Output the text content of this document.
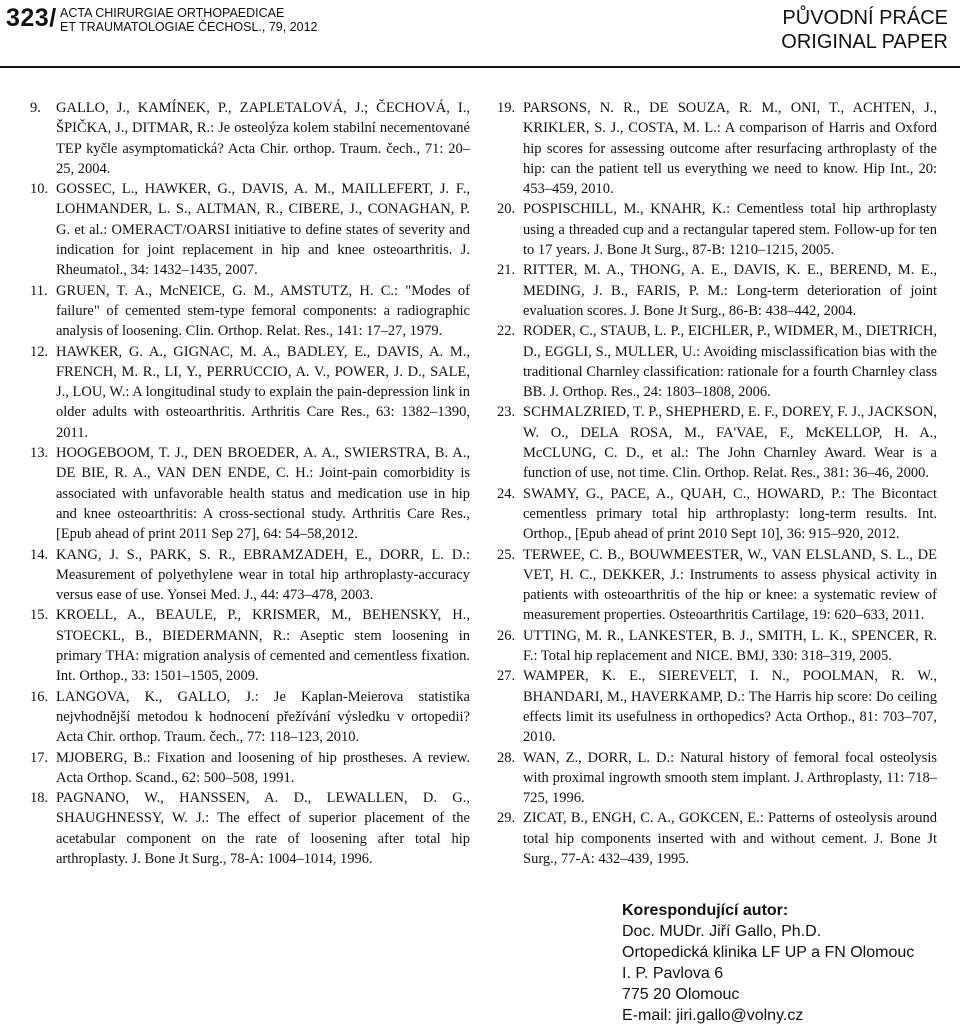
323/ ACTA CHIRURGIAE ORTHOPAEDICAE
ET TRAUMATOLOGIAE ČECHOSL., 79, 2012	PŮVODNÍ PRÁCE
ORIGINAL PAPER

9. GALLO, J., KAMÍNEK, P., ZAPLETALOVÁ, J.; ČECHOVÁ, I., ŠPIČKA, J., DITMAR, R.: Je osteolýza kolem stabilní necementované TEP kyčle asymptomatická? Acta Chir. orthop. Traum. čech., 71: 20–25, 2004.

10. GOSSEC, L., HAWKER, G., DAVIS, A. M., MAILLEFERT, J. F., LOHMANDER, L. S., ALTMAN, R., CIBERE, J., CONAGHAN, P. G. et al.: OMERACT/OARSI initiative to define states of severity and indication for joint replacement in hip and knee osteoarthritis. J. Rheumatol., 34: 1432–1435, 2007.

11. GRUEN, T. A., McNEICE, G. M., AMSTUTZ, H. C.: "Modes of failure" of cemented stem-type femoral components: a radiographic analysis of loosening. Clin. Orthop. Relat. Res., 141: 17–27, 1979.

12. HAWKER, G. A., GIGNAC, M. A., BADLEY, E., DAVIS, A. M., FRENCH, M. R., LI, Y., PERRUCCIO, A. V., POWER, J. D., SALE, J., LOU, W.: A longitudinal study to explain the pain-depression link in older adults with osteoarthritis. Arthritis Care Res., 63: 1382–1390, 2011.

13. HOOGEBOOM, T. J., DEN BROEDER, A. A., SWIERSTRA, B. A., DE BIE, R. A., VAN DEN ENDE, C. H.: Joint-pain comorbidity is associated with unfavorable health status and medication use in hip and knee osteoarthritis: A cross-sectional study. Arthritis Care Res., [Epub ahead of print 2011 Sep 27], 64: 54–58,2012.

14. KANG, J. S., PARK, S. R., EBRAMZADEH, E., DORR, L. D.: Measurement of polyethylene wear in total hip arthroplasty-accuracy versus ease of use. Yonsei Med. J., 44: 473–478, 2003.

15. KROELL, A., BEAULE, P., KRISMER, M., BEHENSKY, H., STOECKL, B., BIEDERMANN, R.: Aseptic stem loosening in primary THA: migration analysis of cemented and cementless fixation. Int. Orthop., 33: 1501–1505, 2009.

16. LANGOVA, K., GALLO, J.: Je Kaplan-Meierova statistika nejvhodnější metodou k hodnocení přežívání výsledku v ortopedii? Acta Chir. orthop. Traum. čech., 77: 118–123, 2010.

17. MJOBERG, B.: Fixation and loosening of hip prostheses. A review. Acta Orthop. Scand., 62: 500–508, 1991.

18. PAGNANO, W., HANSSEN, A. D., LEWALLEN, D. G., SHAUGHNESSY, W. J.: The effect of superior placement of the acetabular component on the rate of loosening after total hip arthroplasty. J. Bone Jt Surg., 78-A: 1004–1014, 1996.

19. PARSONS, N. R., DE SOUZA, R. M., ONI, T., ACHTEN, J., KRIKLER, S. J., COSTA, M. L.: A comparison of Harris and Oxford hip scores for assessing outcome after resurfacing arthroplasty of the hip: can the patient tell us everything we need to know. Hip Int., 20: 453–459, 2010.

20. POSPISCHILL, M., KNAHR, K.: Cementless total hip arthroplasty using a threaded cup and a rectangular tapered stem. Follow-up for ten to 17 years. J. Bone Jt Surg., 87-B: 1210–1215, 2005.

21. RITTER, M. A., THONG, A. E., DAVIS, K. E., BEREND, M. E., MEDING, J. B., FARIS, P. M.: Long-term deterioration of joint evaluation scores. J. Bone Jt Surg., 86-B: 438–442, 2004.

22. RODER, C., STAUB, L. P., EICHLER, P., WIDMER, M., DIETRICH, D., EGGLI, S., MULLER, U.: Avoiding misclassification bias with the traditional Charnley classification: rationale for a fourth Charnley class BB. J. Orthop. Res., 24: 1803–1808, 2006.

23. SCHMALZRIED, T. P., SHEPHERD, E. F., DOREY, F. J., JACKSON, W. O., DELA ROSA, M., FA'VAE, F., McKELLOP, H. A., McCLUNG, C. D., et al.: The John Charnley Award. Wear is a function of use, not time. Clin. Orthop. Relat. Res., 381: 36–46, 2000.

24. SWAMY, G., PACE, A., QUAH, C., HOWARD, P.: The Bicontact cementless primary total hip arthroplasty: long-term results. Int. Orthop., [Epub ahead of print 2010 Sept 10], 36: 915–920, 2012.

25. TERWEE, C. B., BOUWMEESTER, W., VAN ELSLAND, S. L., DE VET, H. C., DEKKER, J.: Instruments to assess physical activity in patients with osteoarthritis of the hip or knee: a systematic review of measurement properties. Osteoarthritis Cartilage, 19: 620–633, 2011.

26. UTTING, M. R., LANKESTER, B. J., SMITH, L. K., SPENCER, R. F.: Total hip replacement and NICE. BMJ, 330: 318–319, 2005.

27. WAMPER, K. E., SIEREVELT, I. N., POOLMAN, R. W., BHANDARI, M., HAVERKAMP, D.: The Harris hip score: Do ceiling effects limit its usefulness in orthopedics? Acta Orthop., 81: 703–707, 2010.

28. WAN, Z., DORR, L. D.: Natural history of femoral focal osteolysis with proximal ingrowth smooth stem implant. J. Arthroplasty, 11: 718–725, 1996.

29. ZICAT, B., ENGH, C. A., GOKCEN, E.: Patterns of osteolysis around total hip components inserted with and without cement. J. Bone Jt Surg., 77-A: 432–439, 1995.

Korespondující autor:
Doc. MUDr. Jiří Gallo, Ph.D.
Ortopedická klinika LF UP a FN Olomouc
I. P. Pavlova 6
775 20 Olomouc
E-mail: jiri.gallo@volny.cz
